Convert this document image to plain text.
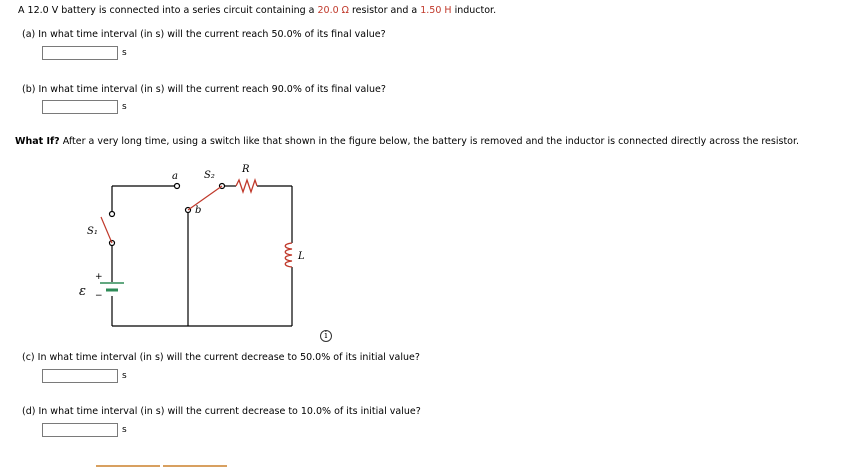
A 12.0 V battery is connected into a series circuit containing a 20.0 Ω resistor and a 1.50 H inductor.
(a) In what time interval (in s) will the current reach 50.0% of its final value?
s
(b) In what time interval (in s) will the current reach 90.0% of its final value?
s
What If? After a very long time, using a switch like that shown in the figure below, the battery is removed and the inductor is connected directly across the resistor.
a
b
S₂
S₁
R
L
ε
+
−
i
(c) In what time interval (in s) will the current decrease to 50.0% of its initial value?
s
(d) In what time interval (in s) will the current decrease to 10.0% of its initial value?
s
